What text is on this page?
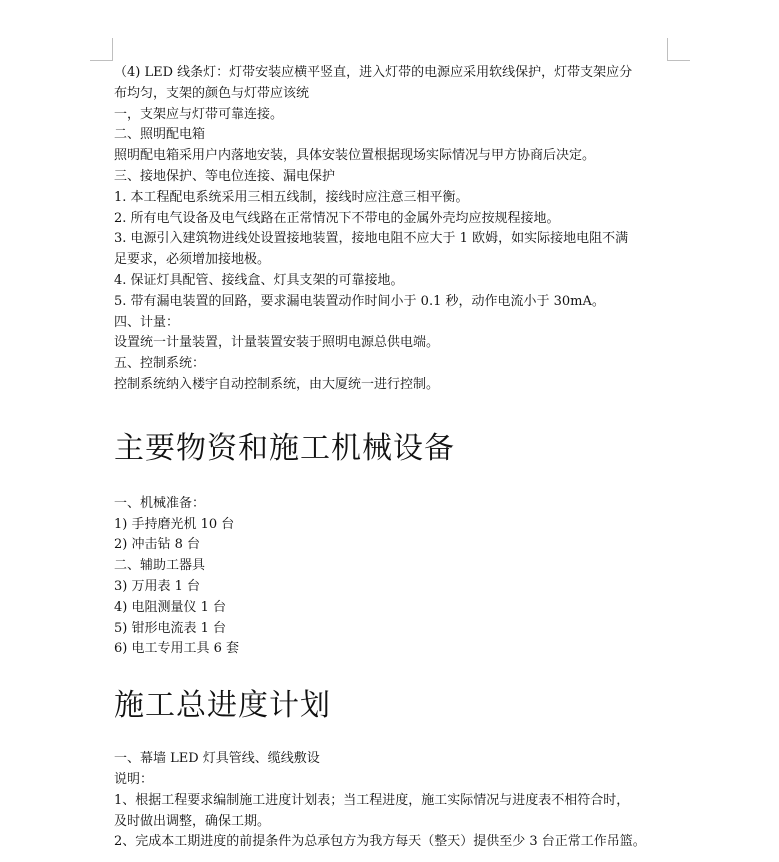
（4) LED 线条灯：灯带安装应横平竖直，进入灯带的电源应采用软线保护，灯带支架应分
布均匀，支架的颜色与灯带应该统
一，支架应与灯带可靠连接。
二、照明配电箱
照明配电箱采用户内落地安装，具体安装位置根据现场实际情况与甲方协商后决定。
三、接地保护、等电位连接、漏电保护
1. 本工程配电系统采用三相五线制，接线时应注意三相平衡。
2. 所有电气设备及电气线路在正常情况下不带电的金属外壳均应按规程接地。
3. 电源引入建筑物进线处设置接地装置，接地电阻不应大于 1 欧姆，如实际接地电阻不满
足要求，必须增加接地极。
4. 保证灯具配管、接线盒、灯具支架的可靠接地。
5. 带有漏电装置的回路，要求漏电装置动作时间小于 0.1 秒，动作电流小于 30mA。
四、计量：
设置统一计量装置，计量装置安装于照明电源总供电端。
五、控制系统：
控制系统纳入楼宇自动控制系统，由大厦统一进行控制。
主要物资和施工机械设备
一、机械准备：
1) 手持磨光机 10 台
2) 冲击钻 8 台
二、辅助工器具
3) 万用表 1 台
4) 电阻测量仪 1 台
5) 钳形电流表 1 台
6) 电工专用工具 6 套
施工总进度计划
一、幕墙 LED 灯具管线、缆线敷设
说明：
1、根据工程要求编制施工进度计划表；当工程进度，施工实际情况与进度表不相符合时，
及时做出调整，确保工期。
2、完成本工期进度的前提条件为总承包方为我方每天（整天）提供至少 3 台正常工作吊篮。
